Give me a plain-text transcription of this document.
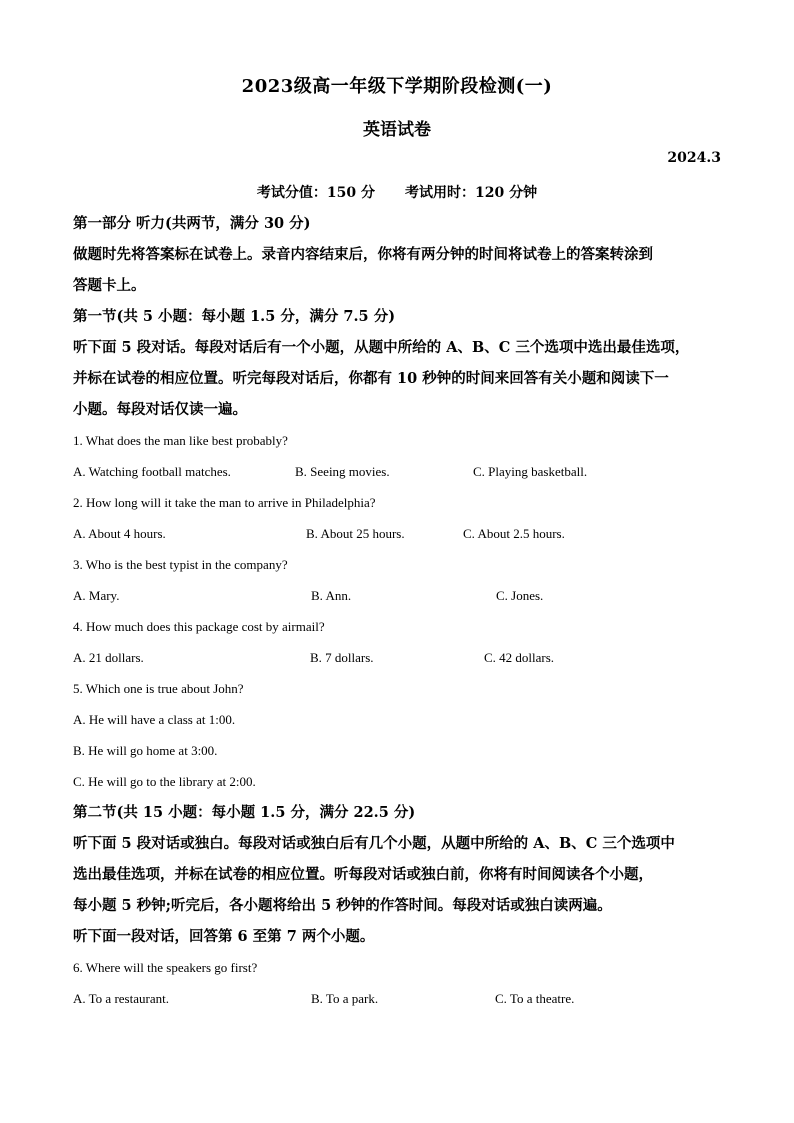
2023级高一年级下学期阶段检测(一)
英语试卷
2024.3
考试分值：150 分 考试用时：120 分钟

第一部分 听力(共两节，满分 30 分)

做题时先将答案标在试卷上。录音内容结束后，你将有两分钟的时间将试卷上的答案转涂到

答题卡上。

第一节(共 5 小题：每小题 1.5 分，满分 7.5 分)

听下面 5 段对话。每段对话后有一个小题，从题中所给的 A、B、C 三个选项中选出最佳选项，

并标在试卷的相应位置。听完每段对话后，你都有 10 秒钟的时间来回答有关小题和阅读下一

小题。每段对话仅读一遍。

1. What does the man like best probably?

A. Watching football matches.	B. Seeing movies.	C. Playing basketball.

2. How long will it take the man to arrive in Philadelphia?

A. About 4 hours.	B. About 25 hours.	C. About 2.5 hours.

3. Who is the best typist in the company?

A. Mary.	B. Ann.	C. Jones.

4. How much does this package cost by airmail?

A. 21 dollars.	B. 7 dollars.	C. 42 dollars.

5. Which one is true about John?

A. He will have a class at 1:00.

B. He will go home at 3:00.

C. He will go to the library at 2:00.

第二节(共 15 小题：每小题 1.5 分，满分 22.5 分)

听下面 5 段对话或独白。每段对话或独白后有几个小题，从题中所给的 A、B、C 三个选项中

选出最佳选项，并标在试卷的相应位置。听每段对话或独白前，你将有时间阅读各个小题，

每小题 5 秒钟;听完后，各小题将给出 5 秒钟的作答时间。每段对话或独白读两遍。

听下面一段对话，回答第 6 至第 7 两个小题。

6. Where will the speakers go first?

A. To a restaurant.	B. To a park.	C. To a theatre.
